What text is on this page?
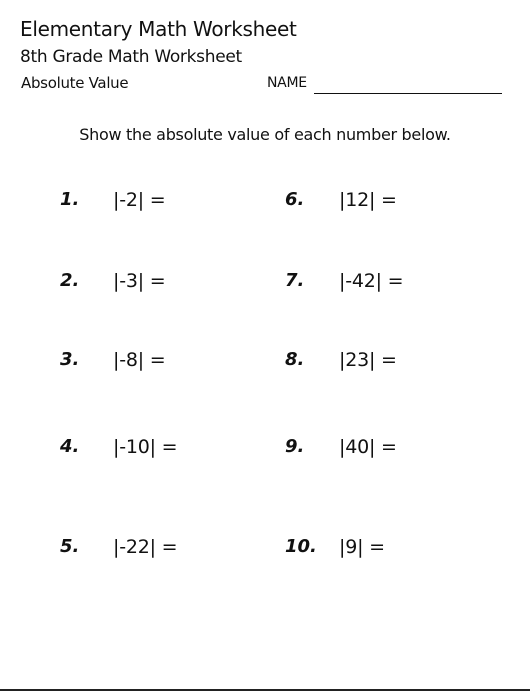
Elementary Math Worksheet
8th Grade Math Worksheet
Absolute Value	NAME
Show the absolute value of each number below.
1. |-2| =
2. |-3| =
3. |-8| =
4. |-10| =
5. |-22| =
6. |12| =
7. |-42| =
8. |23| =
9. |40| =
10. |9| =
